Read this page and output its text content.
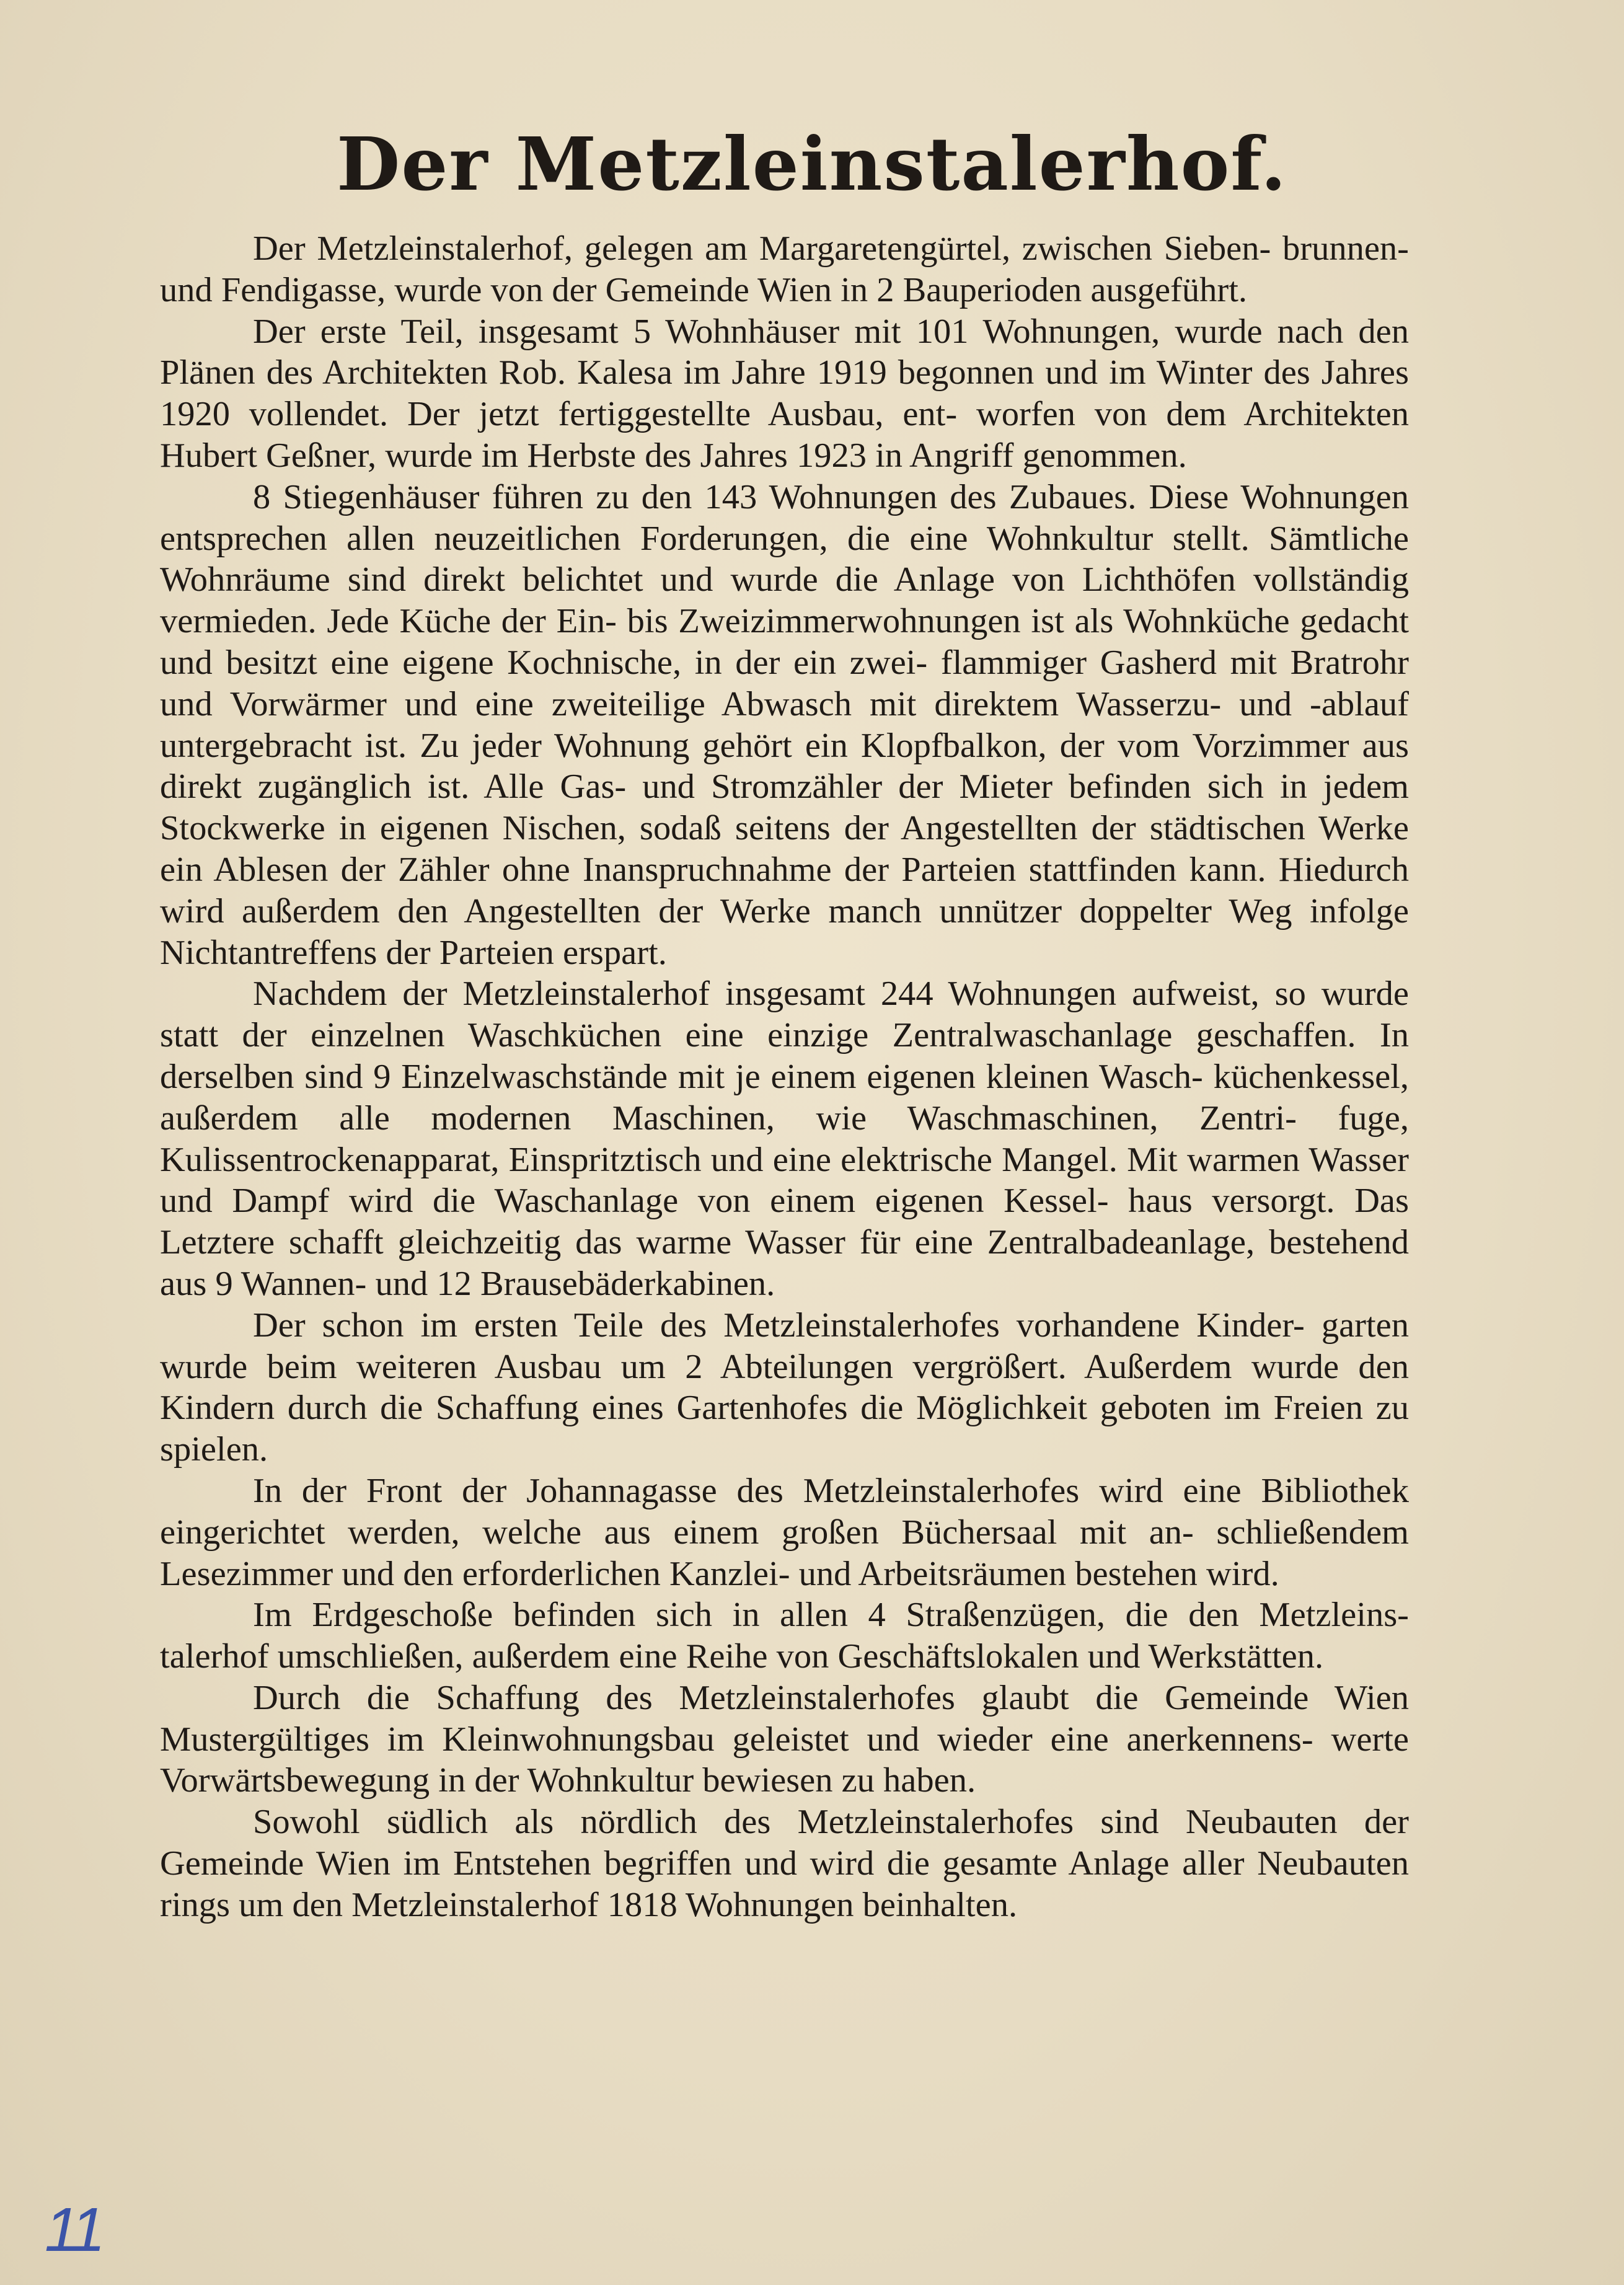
Der Metzleinstalerhof.

Der Metzleinstalerhof, gelegen am Margaretengürtel, zwischen Sieben- brunnen- und Fendigasse, wurde von der Gemeinde Wien in 2 Bauperioden ausgeführt.

Der erste Teil, insgesamt 5 Wohnhäuser mit 101 Wohnungen, wurde nach den Plänen des Architekten Rob. Kalesa im Jahre 1919 begonnen und im Winter des Jahres 1920 vollendet. Der jetzt fertiggestellte Ausbau, ent- worfen von dem Architekten Hubert Geßner, wurde im Herbste des Jahres 1923 in Angriff genommen.

8 Stiegenhäuser führen zu den 143 Wohnungen des Zubaues. Diese Wohnungen entsprechen allen neuzeitlichen Forderungen, die eine Wohnkultur stellt. Sämtliche Wohnräume sind direkt belichtet und wurde die Anlage von Lichthöfen vollständig vermieden. Jede Küche der Ein- bis Zweizimmerwohnungen ist als Wohnküche gedacht und besitzt eine eigene Kochnische, in der ein zwei- flammiger Gasherd mit Bratrohr und Vorwärmer und eine zweiteilige Abwasch mit direktem Wasserzu- und -ablauf untergebracht ist. Zu jeder Wohnung gehört ein Klopfbalkon, der vom Vorzimmer aus direkt zugänglich ist. Alle Gas- und Stromzähler der Mieter befinden sich in jedem Stockwerke in eigenen Nischen, sodaß seitens der Angestellten der städtischen Werke ein Ablesen der Zähler ohne Inanspruchnahme der Parteien stattfinden kann. Hiedurch wird außerdem den Angestellten der Werke manch unnützer doppelter Weg infolge Nichtantreffens der Parteien erspart.

Nachdem der Metzleinstalerhof insgesamt 244 Wohnungen aufweist, so wurde statt der einzelnen Waschküchen eine einzige Zentralwaschanlage geschaffen. In derselben sind 9 Einzelwaschstände mit je einem eigenen kleinen Wasch- küchenkessel, außerdem alle modernen Maschinen, wie Waschmaschinen, Zentri- fuge, Kulissentrockenapparat, Einspritztisch und eine elektrische Mangel. Mit warmen Wasser und Dampf wird die Waschanlage von einem eigenen Kessel- haus versorgt. Das Letztere schafft gleichzeitig das warme Wasser für eine Zentralbadeanlage, bestehend aus 9 Wannen- und 12 Brausebäderkabinen.

Der schon im ersten Teile des Metzleinstalerhofes vorhandene Kinder- garten wurde beim weiteren Ausbau um 2 Abteilungen vergrößert. Außerdem wurde den Kindern durch die Schaffung eines Gartenhofes die Möglichkeit geboten im Freien zu spielen.

In der Front der Johannagasse des Metzleinstalerhofes wird eine Bibliothek eingerichtet werden, welche aus einem großen Büchersaal mit an- schließendem Lesezimmer und den erforderlichen Kanzlei- und Arbeitsräumen bestehen wird.

Im Erdgeschoße befinden sich in allen 4 Straßenzügen, die den Metzleins- talerhof umschließen, außerdem eine Reihe von Geschäftslokalen und Werkstätten.

Durch die Schaffung des Metzleinstalerhofes glaubt die Gemeinde Wien Mustergültiges im Kleinwohnungsbau geleistet und wieder eine anerkennens- werte Vorwärtsbewegung in der Wohnkultur bewiesen zu haben.

Sowohl südlich als nördlich des Metzleinstalerhofes sind Neubauten der Gemeinde Wien im Entstehen begriffen und wird die gesamte Anlage aller Neubauten rings um den Metzleinstalerhof 1818 Wohnungen beinhalten.

11
